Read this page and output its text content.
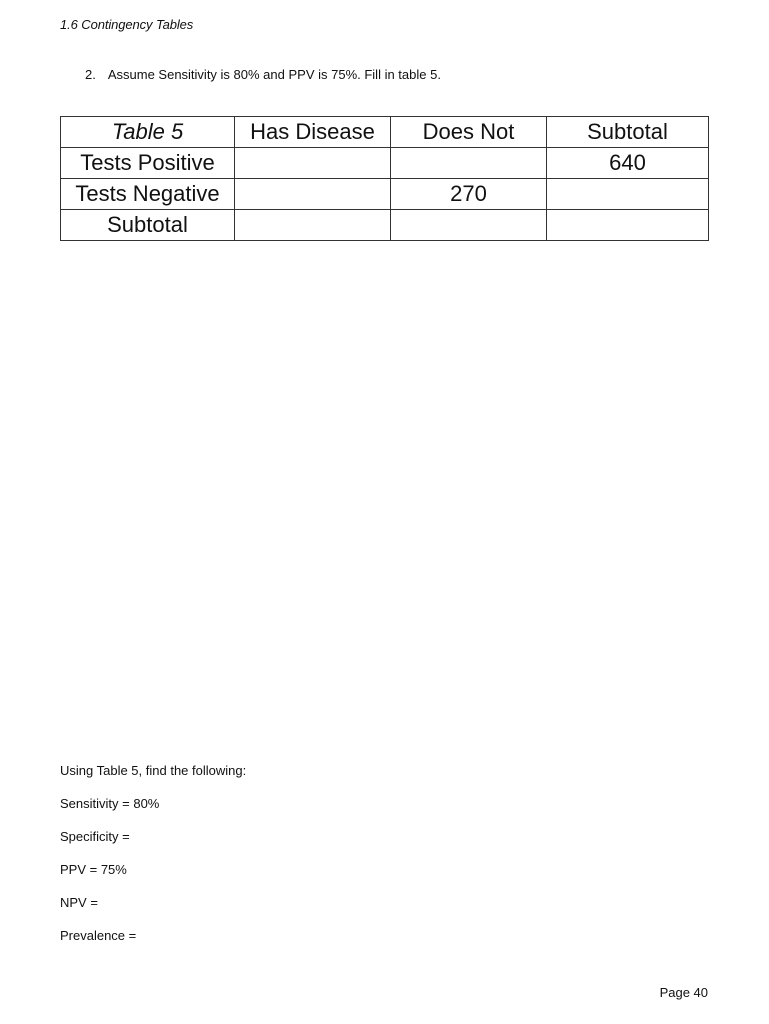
1.6 Contingency Tables
2. Assume Sensitivity is 80% and PPV is 75%. Fill in table 5.
Table 5	Has Disease	Does Not	Subtotal
Tests Positive			640
Tests Negative		270	
Subtotal			
Using Table 5, find the following:
Sensitivity = 80%
Specificity =
PPV = 75%
NPV =
Prevalence =
Page 40
